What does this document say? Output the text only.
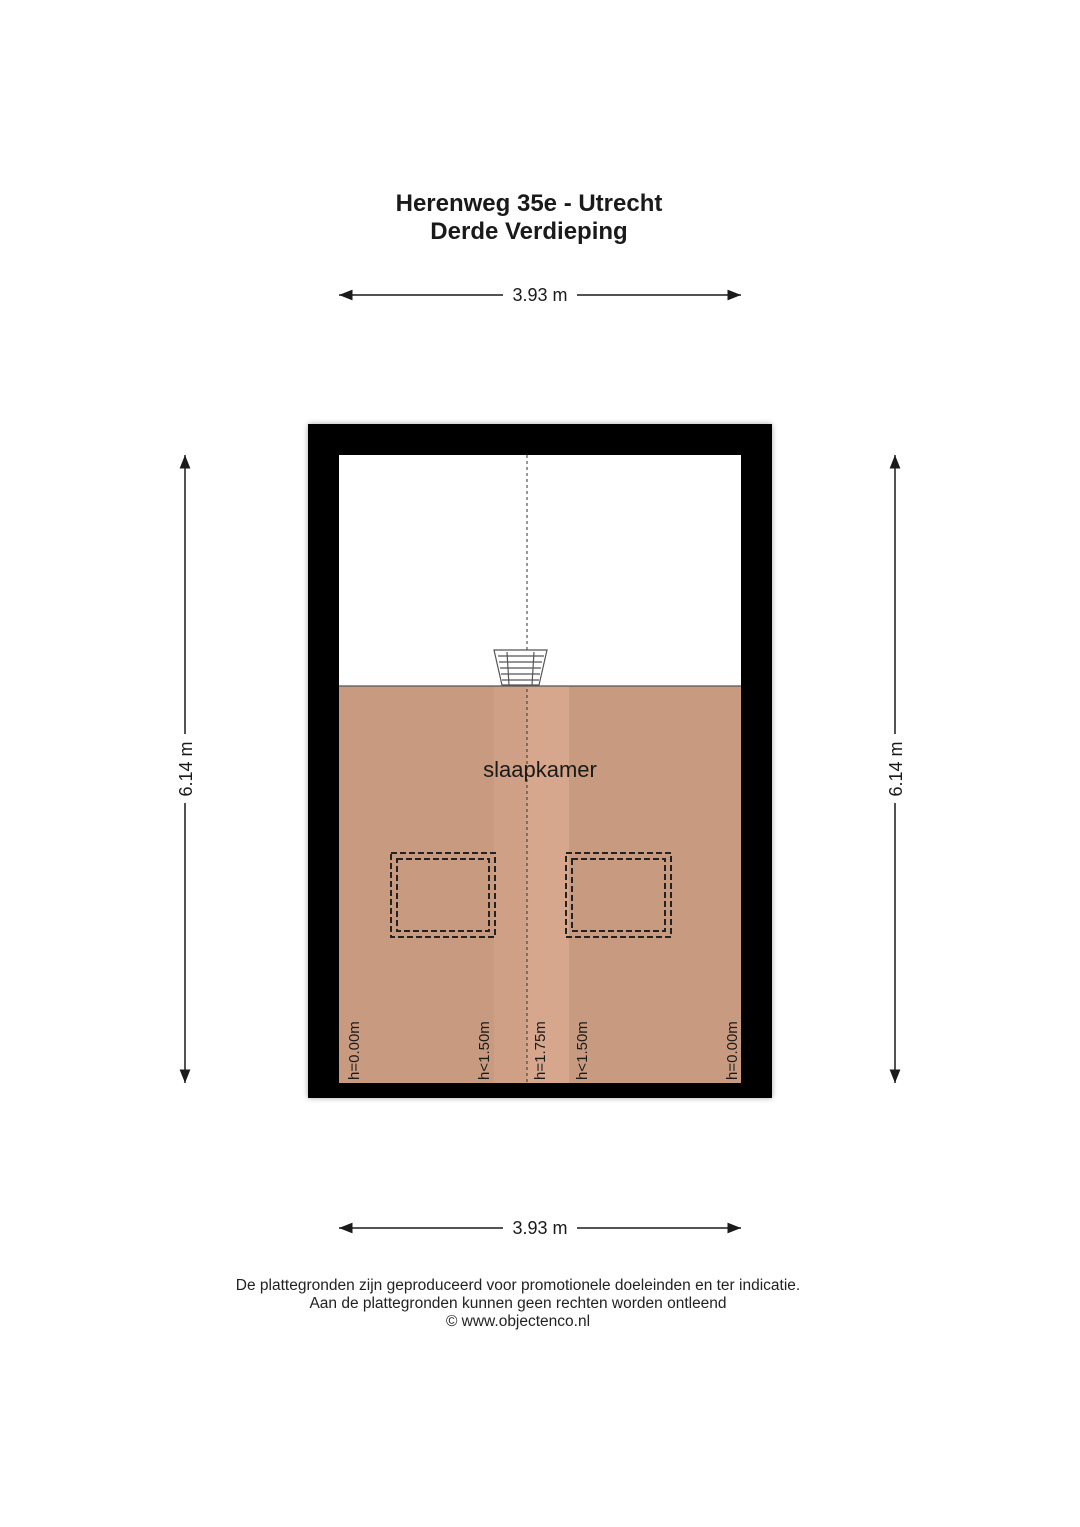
Herenweg 35e - Utrecht
Derde Verdieping
3.93 m
3.93 m
6.14 m	6.14 m
slaapkamer
h=0.00m	h<1.50m	h=1.75m h<1.50m	h=0.00m
De plattegronden zijn geproduceerd voor promotionele doeleinden en ter indicatie.
Aan de plattegronden kunnen geen rechten worden ontleend
© www.objectenco.nl
